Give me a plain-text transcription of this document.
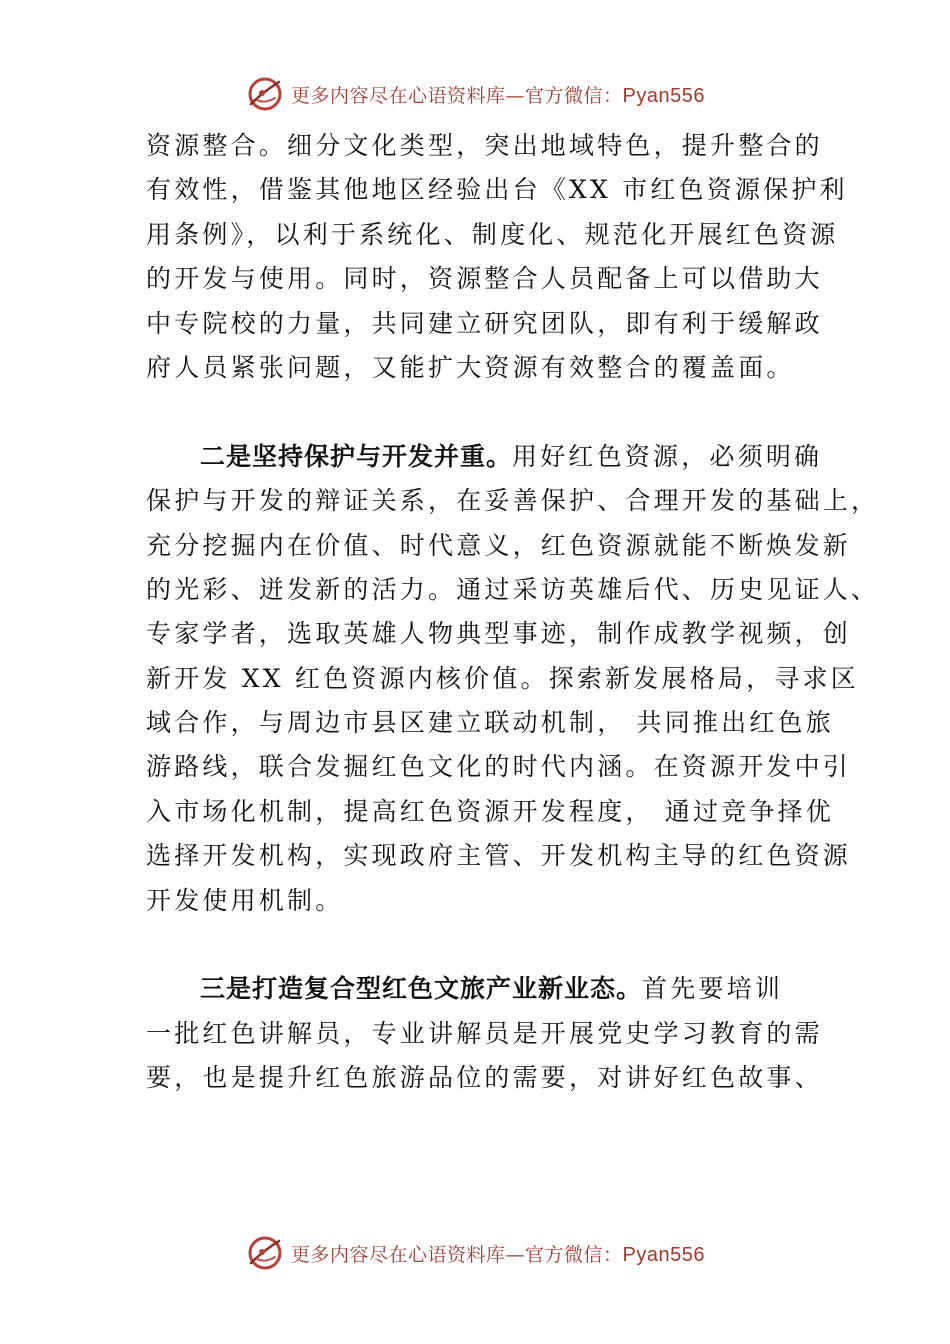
更多内容尽在心语资料库—官方微信：Pyan556
资源整合。细分文化类型，突出地域特色，提升整合的
有效性，借鉴其他地区经验出台《XX 市红色资源保护利
用条例》，以利于系统化、制度化、规范化开展红色资源
的开发与使用。同时，资源整合人员配备上可以借助大
中专院校的力量，共同建立研究团队，即有利于缓解政
府人员紧张问题，又能扩大资源有效整合的覆盖面。
二是坚持保护与开发并重。用好红色资源，必须明确
保护与开发的辩证关系，在妥善保护、合理开发的基础上，
充分挖掘内在价值、时代意义，红色资源就能不断焕发新
的光彩、迸发新的活力。通过采访英雄后代、历史见证人、
专家学者，选取英雄人物典型事迹，制作成教学视频，创
新开发 XX 红色资源内核价值。探索新发展格局，寻求区
域合作，与周边市县区建立联动机制， 共同推出红色旅
游路线，联合发掘红色文化的时代内涵。在资源开发中引
入市场化机制，提高红色资源开发程度， 通过竞争择优
选择开发机构，实现政府主管、开发机构主导的红色资源
开发使用机制。
三是打造复合型红色文旅产业新业态。首先要培训
一批红色讲解员，专业讲解员是开展党史学习教育的需
要，也是提升红色旅游品位的需要，对讲好红色故事、
更多内容尽在心语资料库—官方微信：Pyan556
